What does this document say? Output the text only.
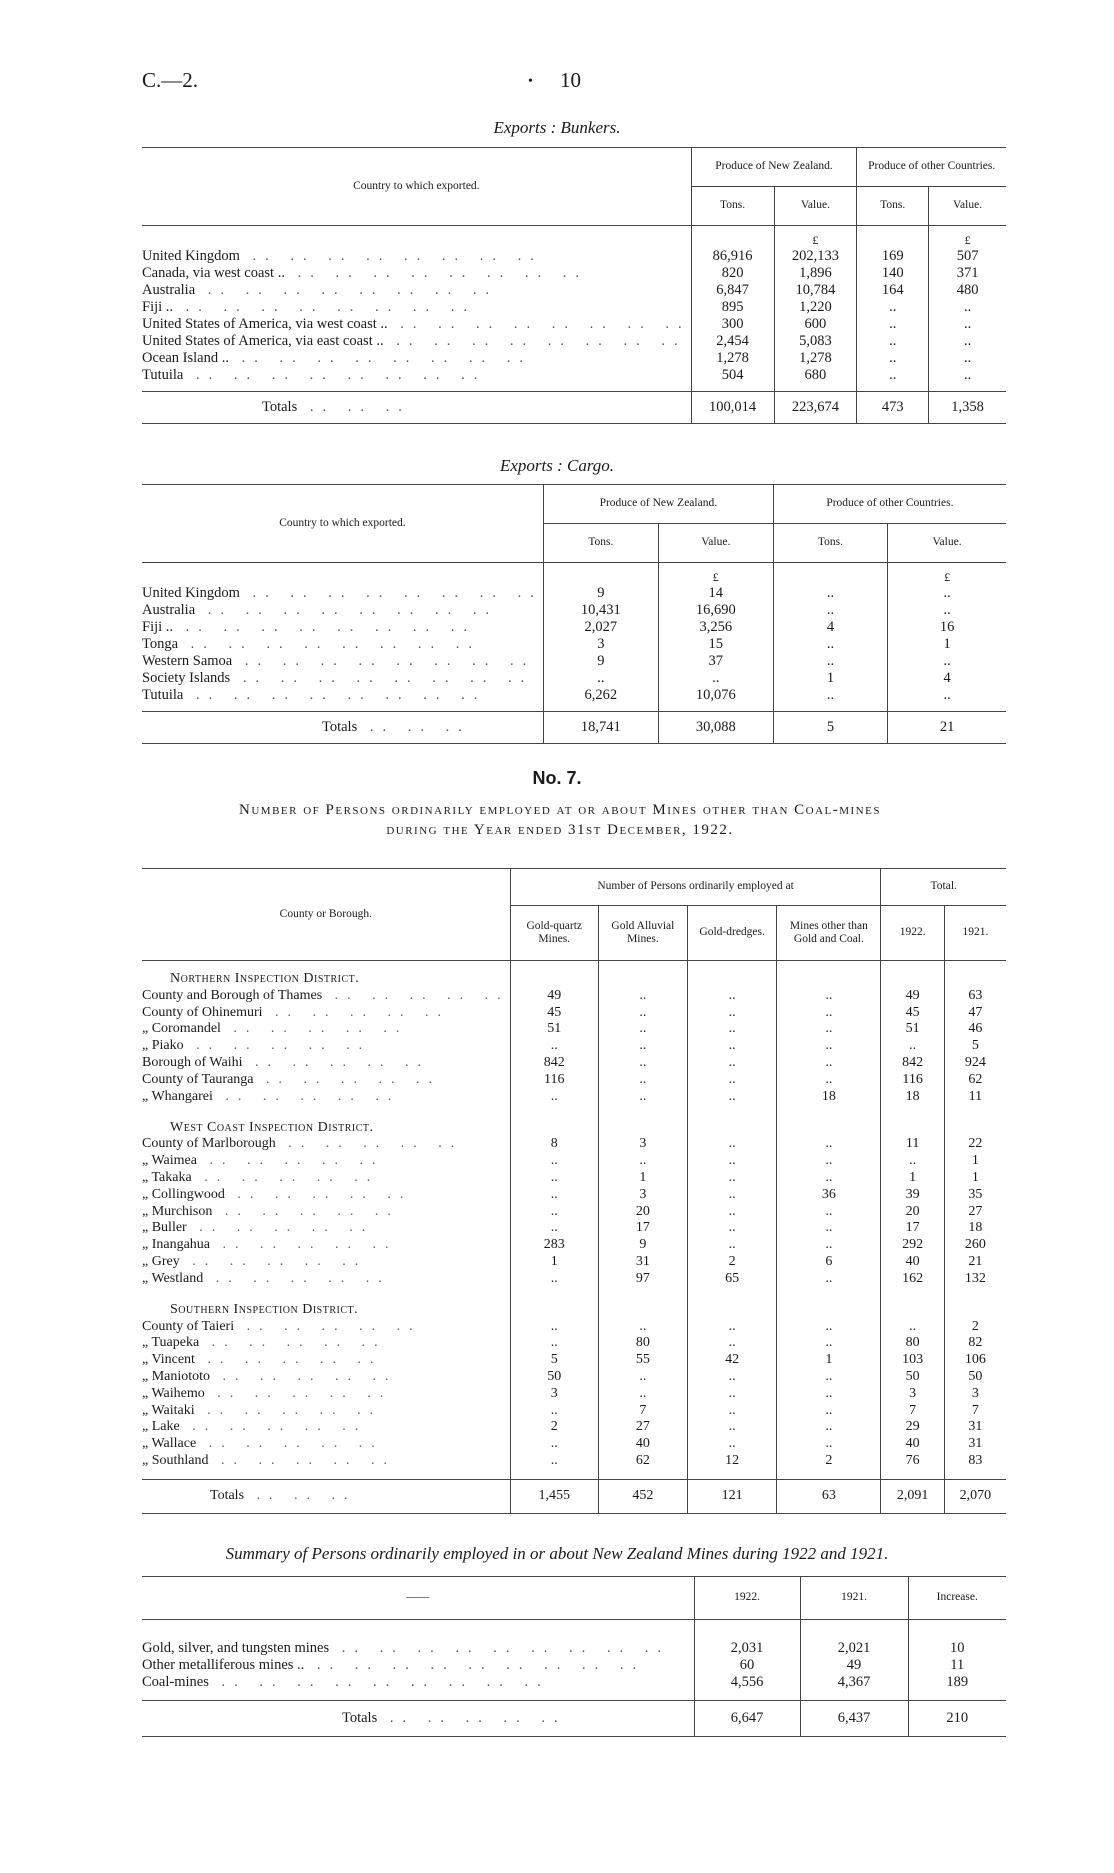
C.—2.	• 10
Exports : Bunkers.
Country to which exported.	Produce of New Zealand.		Produce of other Countries.	
	Tons.	Value.	Tons.	Value.
		£		£
United Kingdom .. .. .. .. .. .. .. ..	86,916	202,133	169	507
Canada, via west coast .. .. .. .. .. .. .. .. ..	820	1,896	140	371
Australia .. .. .. .. .. .. .. ..	6,847	10,784	164	480
Fiji .. .. .. .. .. .. .. .. ..	895	1,220	..	..
United States of America, via west coast .. .. .. .. .. .. .. .. ..	300	600	..	..
United States of America, via east coast .. .. .. .. .. .. .. .. ..	2,454	5,083	..	..
Ocean Island .. .. .. .. .. .. .. .. ..	1,278	1,278	..	..
Tutuila .. .. .. .. .. .. .. ..	504	680	..	..

Totals .. .. ..	100,014	223,674	473	1,358

Exports : Cargo.
Country to which exported.	Produce of New Zealand.		Produce of other Countries.	
	Tons.	Value.	Tons.	Value.
		£		£
United Kingdom .. .. .. .. .. .. .. ..	9	14	..	..
Australia .. .. .. .. .. .. .. ..	10,431	16,690	..	..
Fiji .. .. .. .. .. .. .. .. ..	2,027	3,256	4	16
Tonga .. .. .. .. .. .. .. ..	3	15	..	1
Western Samoa .. .. .. .. .. .. .. ..	9	37	..	..
Society Islands .. .. .. .. .. .. .. ..	..	..	1	4
Tutuila .. .. .. .. .. .. .. ..	6,262	10,076	..	..

Totals .. .. ..	18,741	30,088	5	21

No. 7.
Number of Persons ordinarily employed at or about Mines other than Coal-mines
during the Year ended 31st December, 1922.
County or Borough.	Number of Persons ordinarily employed at				Total.	
	Gold-quartz Mines.	Gold Alluvial Mines.	Gold-dredges.	Mines other than Gold and Coal.	1922.	1921.

Northern Inspection District.						
County and Borough of Thames .. .. .. .. ..	49	..	..	..	49	63
County of Ohinemuri .. .. .. .. ..	45	..	..	..	45	47
„ Coromandel .. .. .. .. ..	51	..	..	..	51	46
„ Piako .. .. .. .. ..	..	..	..	..	..	5
Borough of Waihi .. .. .. .. ..	842	..	..	..	842	924
County of Tauranga .. .. .. .. ..	116	..	..	..	116	62
„ Whangarei .. .. .. .. ..	..	..	..	18	18	11

West Coast Inspection District.						
County of Marlborough .. .. .. .. ..	8	3	..	..	11	22
„ Waimea .. .. .. .. ..	..	..	..	..	..	1
„ Takaka .. .. .. .. ..	..	1	..	..	1	1
„ Collingwood .. .. .. .. ..	..	3	..	36	39	35
„ Murchison .. .. .. .. ..	..	20	..	..	20	27
„ Buller .. .. .. .. ..	..	17	..	..	17	18
„ Inangahua .. .. .. .. ..	283	9	..	..	292	260
„ Grey .. .. .. .. ..	1	31	2	6	40	21
„ Westland .. .. .. .. ..	..	97	65	..	162	132

Southern Inspection District.						
County of Taieri .. .. .. .. ..	..	..	..	..	..	2
„ Tuapeka .. .. .. .. ..	..	80	..	..	80	82
„ Vincent .. .. .. .. ..	5	55	42	1	103	106
„ Maniototo .. .. .. .. ..	50	..	..	..	50	50
„ Waihemo .. .. .. .. ..	3	..	..	..	3	3
„ Waitaki .. .. .. .. ..	..	7	..	..	7	7
„ Lake .. .. .. .. ..	2	27	..	..	29	31
„ Wallace .. .. .. .. ..	..	40	..	..	40	31
„ Southland .. .. .. .. ..	..	62	12	2	76	83

Totals .. .. ..	1,455	452	121	63	2,091	2,070

Summary of Persons ordinarily employed in or about New Zealand Mines during 1922 and 1921.
——	1922.	1921.	Increase.

Gold, silver, and tungsten mines .. .. .. .. .. .. .. .. ..	2,031	2,021	10
Other metalliferous mines .. .. .. .. .. .. .. .. .. ..	60	49	11
Coal-mines .. .. .. .. .. .. .. .. ..	4,556	4,367	189

Totals .. .. .. .. ..	6,647	6,437	210
